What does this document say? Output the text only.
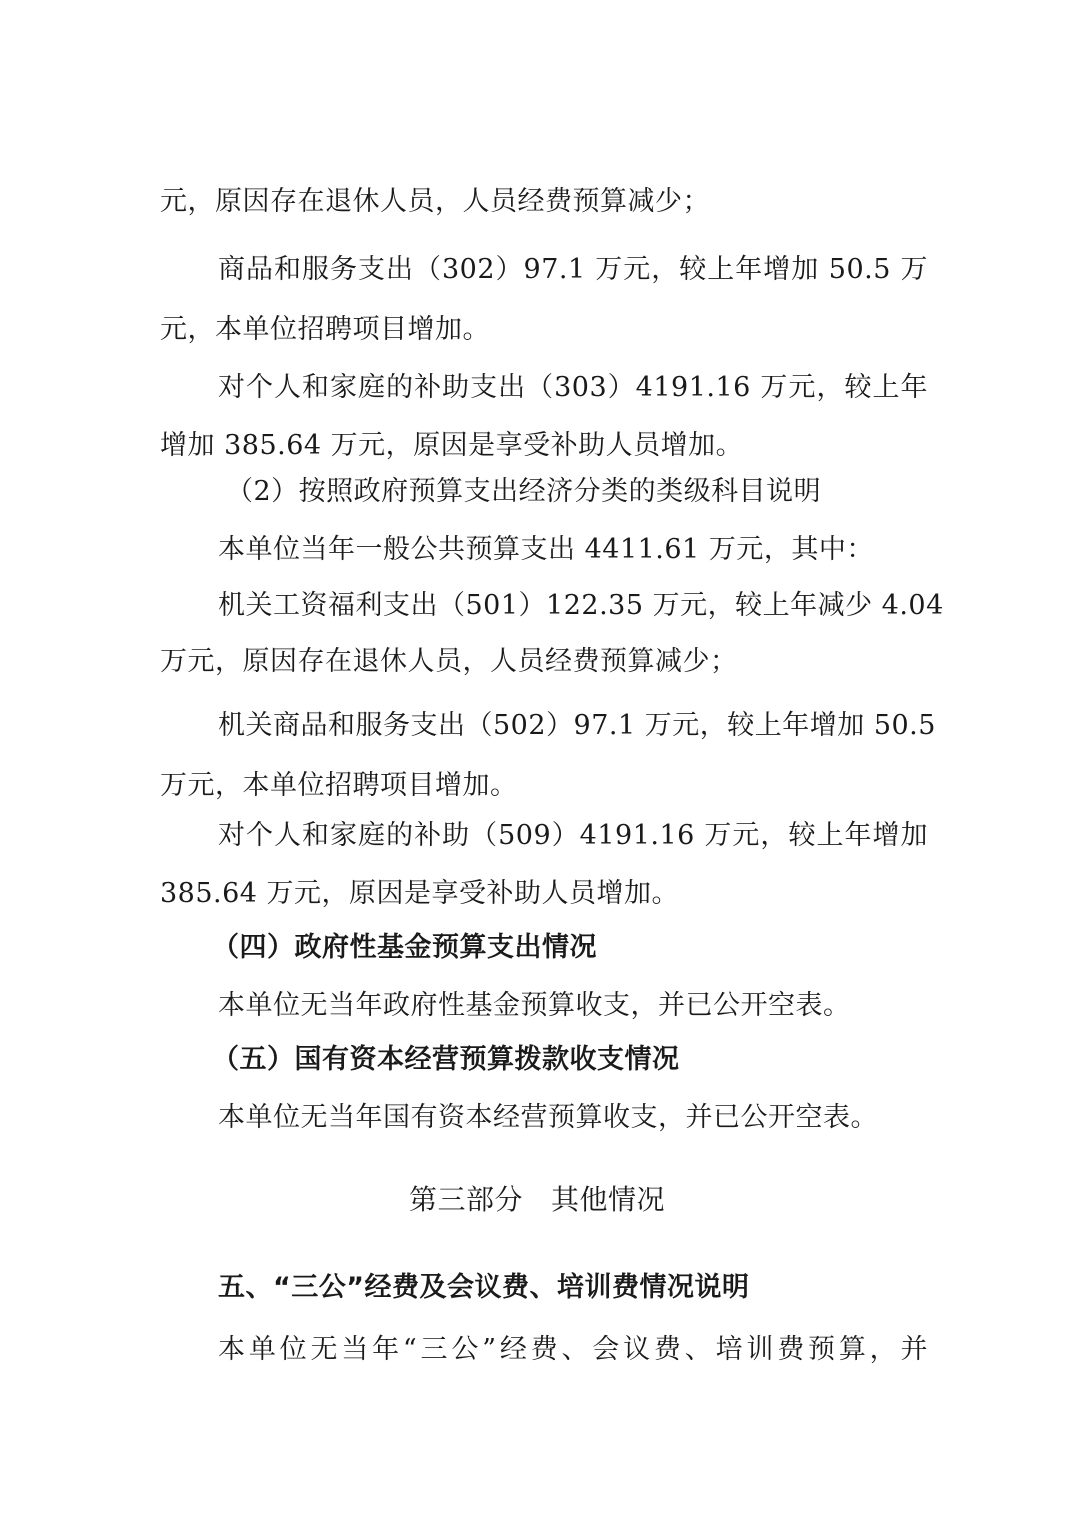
元，原因存在退休人员，人员经费预算减少；
商品和服务支出（302）97.1 万元，较上年增加 50.5 万
元，本单位招聘项目增加。
对个人和家庭的补助支出（303）4191.16 万元，较上年
增加 385.64 万元，原因是享受补助人员增加。
（2）按照政府预算支出经济分类的类级科目说明
本单位当年一般公共预算支出 4411.61 万元，其中：
机关工资福利支出（501）122.35 万元，较上年减少 4.04
万元，原因存在退休人员，人员经费预算减少；
机关商品和服务支出（502）97.1 万元，较上年增加 50.5
万元，本单位招聘项目增加。
对个人和家庭的补助（509）4191.16 万元，较上年增加
385.64 万元，原因是享受补助人员增加。
（四）政府性基金预算支出情况
本单位无当年政府性基金预算收支，并已公开空表。
（五）国有资本经营预算拨款收支情况
本单位无当年国有资本经营预算收支，并已公开空表。
第三部分 其他情况
五、“三公”经费及会议费、培训费情况说明
本单位无当年“三公”经费、会议费、培训费预算，并
